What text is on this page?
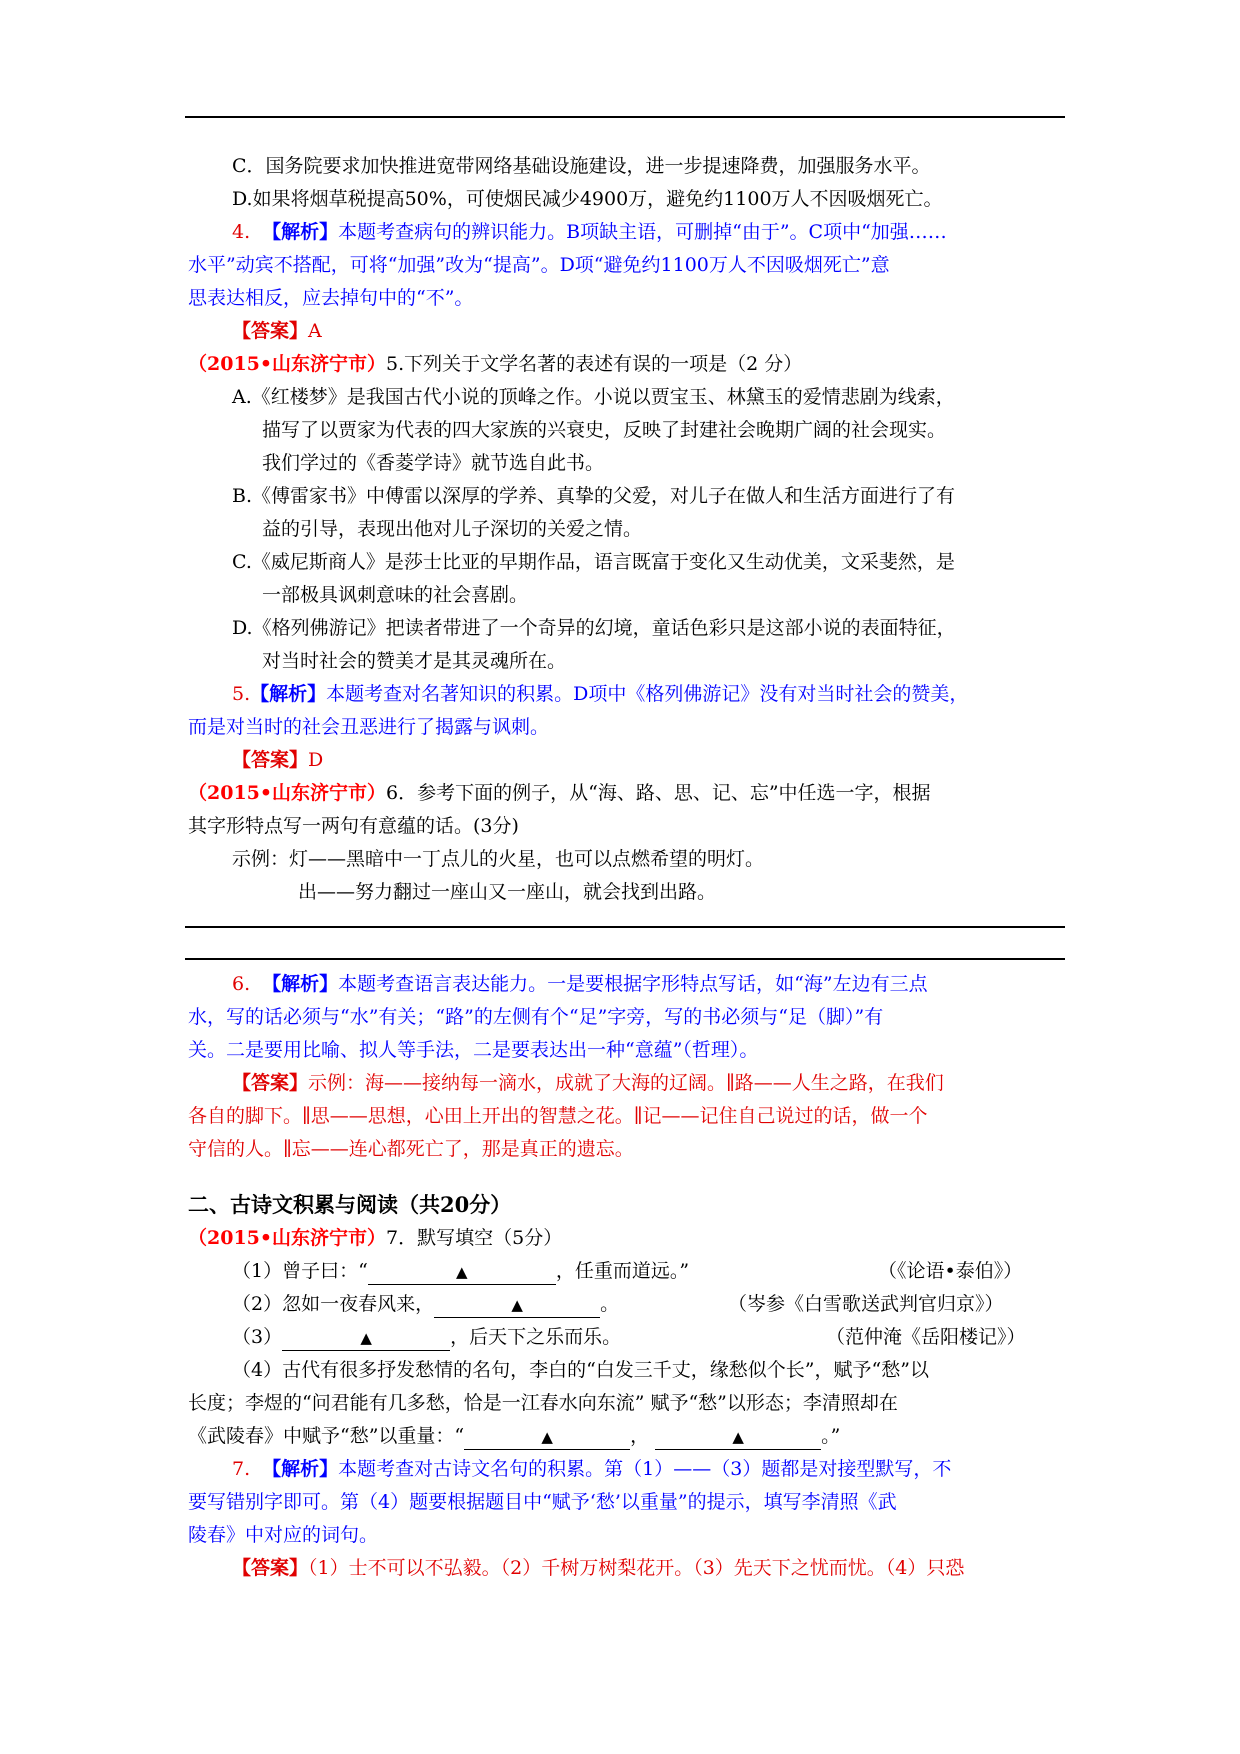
C．国务院要求加快推进宽带网络基础设施建设，进一步提速降费，加强服务水平。

D.如果将烟草税提高50%，可使烟民减少4900万，避免约1100万人不因吸烟死亡。

4. 【解析】本题考查病句的辨识能力。B项缺主语，可删掉“由于”。C项中“加强……

水平”动宾不搭配，可将“加强”改为“提高”。D项“避免约1100万人不因吸烟死亡”意

思表达相反，应去掉句中的“不”。

【答案】A

（2015•山东济宁市）5.下列关于文学名著的表述有误的一项是（2 分）

A.《红楼梦》是我国古代小说的顶峰之作。小说以贾宝玉、林黛玉的爱情悲剧为线索，

描写了以贾家为代表的四大家族的兴衰史，反映了封建社会晚期广阔的社会现实。

我们学过的《香菱学诗》就节选自此书。

B.《傅雷家书》中傅雷以深厚的学养、真挚的父爱，对儿子在做人和生活方面进行了有

益的引导，表现出他对儿子深切的关爱之情。

C.《威尼斯商人》是莎士比亚的早期作品，语言既富于变化又生动优美，文采斐然，是

一部极具讽刺意味的社会喜剧。

D.《格列佛游记》把读者带进了一个奇异的幻境，童话色彩只是这部小说的表面特征，

对当时社会的赞美才是其灵魂所在。

5.【解析】本题考查对名著知识的积累。D项中《格列佛游记》没有对当时社会的赞美，

而是对当时的社会丑恶进行了揭露与讽刺。

【答案】D

（2015•山东济宁市）6．参考下面的例子，从“海、路、思、记、忘”中任选一字，根据

其字形特点写一两句有意蕴的话。(3分)

示例：灯——黑暗中一丁点儿的火星，也可以点燃希望的明灯。

出——努力翻过一座山又一座山，就会找到出路。

6. 【解析】本题考查语言表达能力。一是要根据字形特点写话，如“海”左边有三点

水，写的话必须与“水”有关；“路”的左侧有个“足”字旁，写的书必须与“足（脚）”有

关。二是要用比喻、拟人等手法，二是要表达出一种“意蕴”（哲理）。

【答案】示例：海——接纳每一滴水，成就了大海的辽阔。∥路——人生之路，在我们

各自的脚下。∥思——思想，心田上开出的智慧之花。∥记——记住自己说过的话，做一个

守信的人。∥忘——连心都死亡了，那是真正的遗忘。

二、古诗文积累与阅读（共20分）

（2015•山东济宁市）7．默写填空（5分）

（1）曾子曰：“	▲	，任重而道远。”	（《论语•泰伯》）

（2）忽如一夜春风来，	▲	。	（岑参《白雪歌送武判官归京》）

（3）	▲	，后天下之乐而乐。	（范仲淹《岳阳楼记》）

（4）古代有很多抒发愁情的名句，李白的“白发三千丈，缘愁似个长”，赋予“愁”以

长度；李煜的“问君能有几多愁，恰是一江春水向东流” 赋予“愁”以形态；李清照却在

《武陵春》中赋予“愁”以重量：“	▲	，	▲	。”

7. 【解析】本题考查对古诗文名句的积累。第（1）——（3）题都是对接型默写，不

要写错别字即可。第（4）题要根据题目中“赋予‘愁’以重量”的提示，填写李清照《武

陵春》中对应的词句。

【答案】（1）士不可以不弘毅。（2）千树万树梨花开。（3）先天下之忧而忧。（4）只恐
